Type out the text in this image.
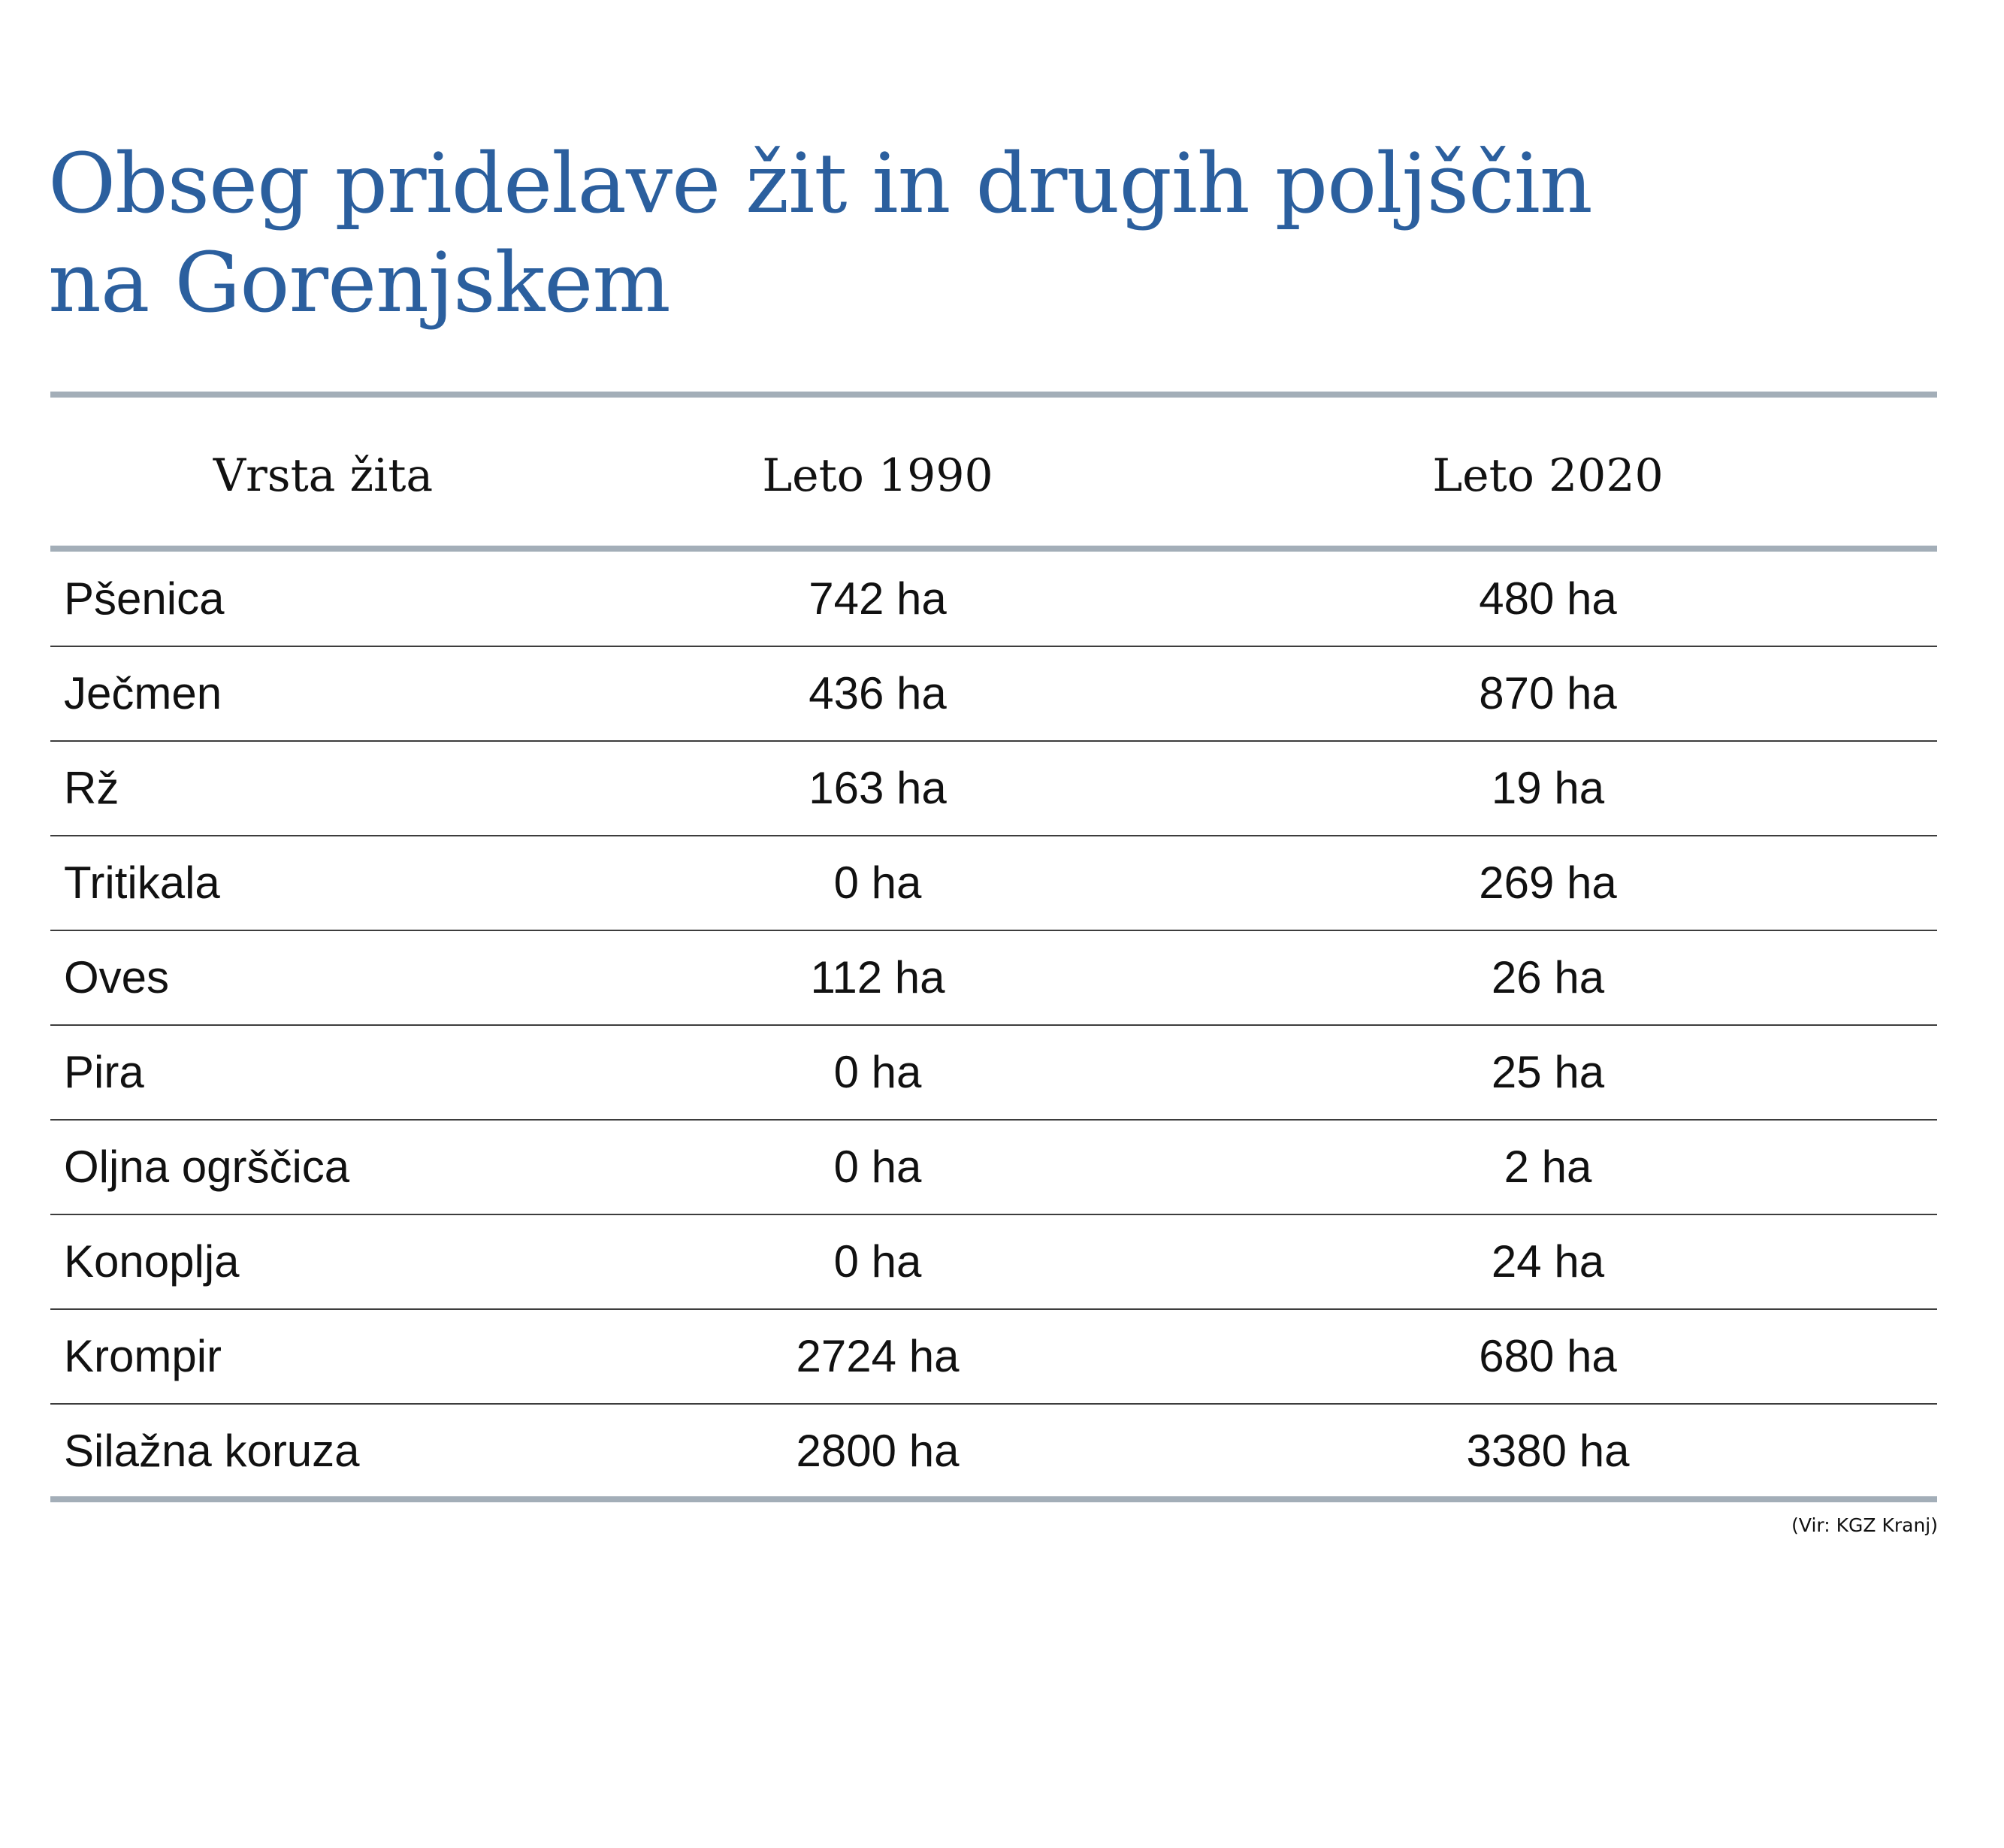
Obseg pridelave žit in drugih poljščin
na Gorenjskem
Vrsta žita	Leto 1990	Leto 2020
Pšenica	742 ha	480 ha
Ječmen	436 ha	870 ha
Rž	163 ha	19 ha
Tritikala	0 ha	269 ha
Oves	112 ha	26 ha
Pira	0 ha	25 ha
Oljna ogrščica	0 ha	2 ha
Konoplja	0 ha	24 ha
Krompir	2724 ha	680 ha
Silažna koruza	2800 ha	3380 ha
(Vir: KGZ Kranj)
